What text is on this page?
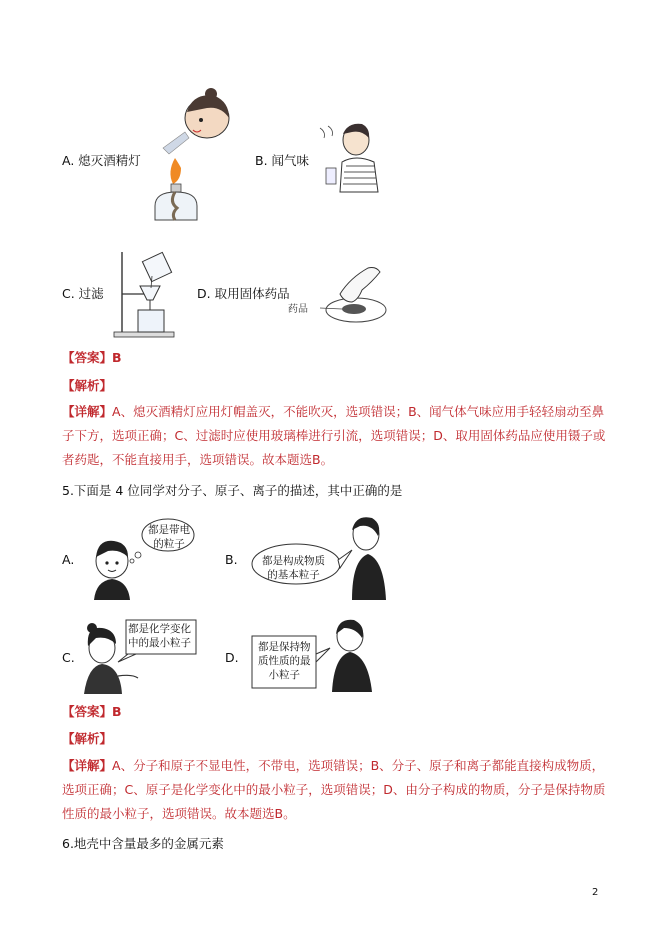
A. 熄灭酒精灯	B. 闻气味
C. 过滤
药品
D. 取用固体药品
【答案】B
【解析】
【详解】A、熄灭酒精灯应用灯帽盖灭，不能吹灭，选项错误；B、闻气体气味应用手轻轻扇动至鼻子下方，选项正确；C、过滤时应使用玻璃棒进行引流，选项错误；D、取用固体药品应使用镊子或者药匙，不能直接用手，选项错误。故本题选B。
5.下面是 4 位同学对分子、原子、离子的描述，其中正确的是
A.
都是带电
的粒子
B. 都是构成物质
的基本粒子
C.
都是化学变化
中的最小粒子
D.
都是保持物
质性质的最
小粒子
【答案】B
【解析】
【详解】A、分子和原子不显电性，不带电，选项错误；B、分子、原子和离子都能直接构成物质，选项正确；C、原子是化学变化中的最小粒子，选项错误；D、由分子构成的物质，分子是保持物质性质的最小粒子，选项错误。故本题选B。
6.地壳中含量最多的金属元素
2
